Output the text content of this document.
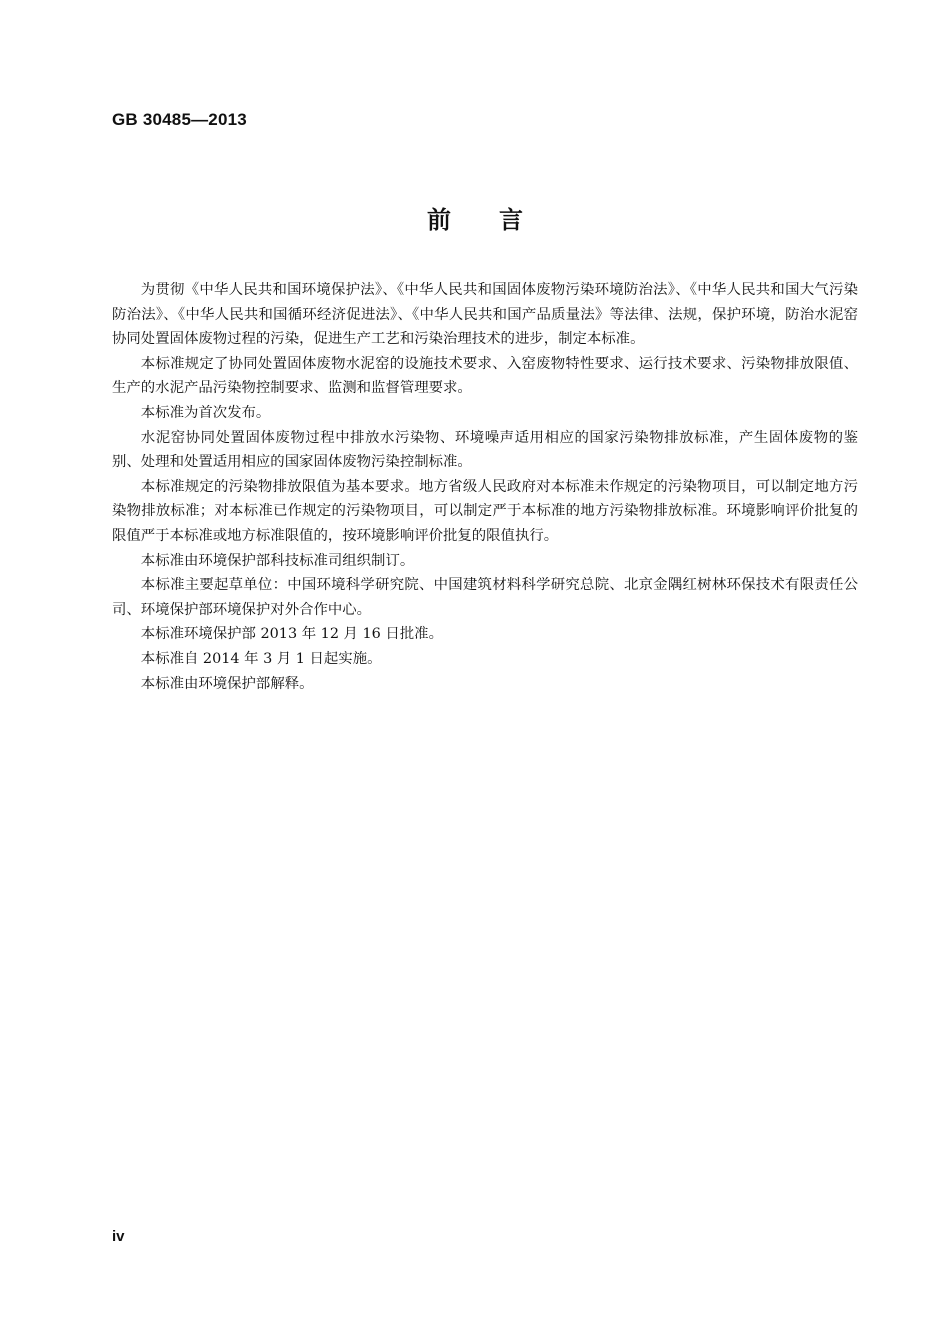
GB 30485—2013
前 言

为贯彻《中华人民共和国环境保护法》、《中华人民共和国固体废物污染环境防治法》、《中华人民共和国大气污染防治法》、《中华人民共和国循环经济促进法》、《中华人民共和国产品质量法》等法律、法规，保护环境，防治水泥窑协同处置固体废物过程的污染，促进生产工艺和污染治理技术的进步，制定本标准。

本标准规定了协同处置固体废物水泥窑的设施技术要求、入窑废物特性要求、运行技术要求、污染物排放限值、生产的水泥产品污染物控制要求、监测和监督管理要求。

本标准为首次发布。

水泥窑协同处置固体废物过程中排放水污染物、环境噪声适用相应的国家污染物排放标准，产生固体废物的鉴别、处理和处置适用相应的国家固体废物污染控制标准。

本标准规定的污染物排放限值为基本要求。地方省级人民政府对本标准未作规定的污染物项目，可以制定地方污染物排放标准；对本标准已作规定的污染物项目，可以制定严于本标准的地方污染物排放标准。环境影响评价批复的限值严于本标准或地方标准限值的，按环境影响评价批复的限值执行。

本标准由环境保护部科技标准司组织制订。

本标准主要起草单位：中国环境科学研究院、中国建筑材料科学研究总院、北京金隅红树林环保技术有限责任公司、环境保护部环境保护对外合作中心。

本标准环境保护部 2013 年 12 月 16 日批准。

本标准自 2014 年 3 月 1 日起实施。

本标准由环境保护部解释。

iv
